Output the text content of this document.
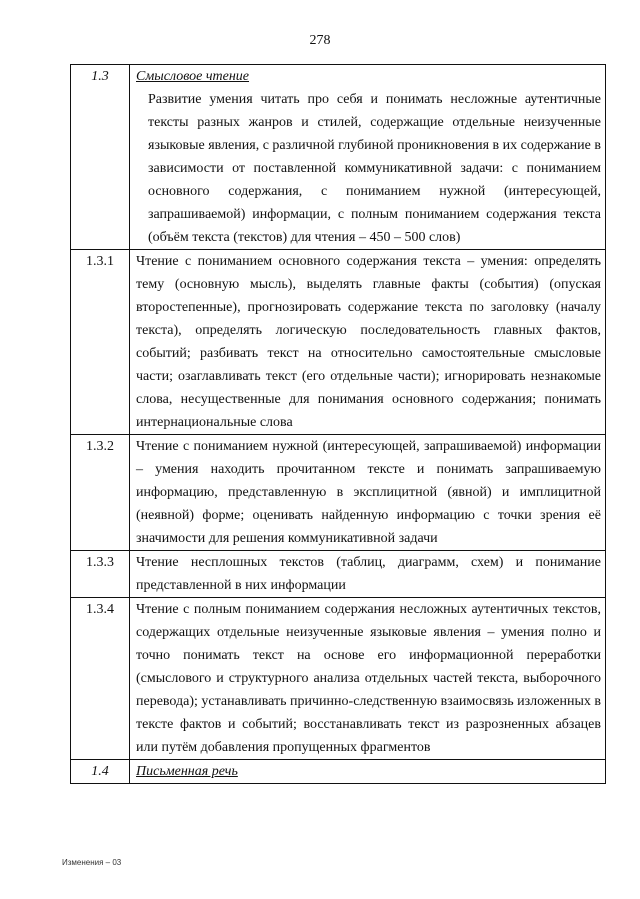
278
1.3	Смысловое чтение
Развитие умения читать про себя и понимать несложные аутентичные тексты разных жанров и стилей, содержащие отдельные неизученные языковые явления, с различной глубиной проникновения в их содержание в зависимости от поставленной коммуникативной задачи: с пониманием основного содержания, с пониманием нужной (интересующей, запрашиваемой) информации, с полным пониманием содержания текста (объём текста (текстов) для чтения – 450 – 500 слов)

1.3.1	Чтение с пониманием основного содержания текста – умения: определять тему (основную мысль), выделять главные факты (события) (опуская второстепенные), прогнозировать содержание текста по заголовку (началу текста), определять логическую последовательность главных фактов, событий; разбивать текст на относительно самостоятельные смысловые части; озаглавливать текст (его отдельные части); игнорировать незнакомые слова, несущественные для понимания основного содержания; понимать интернациональные слова

1.3.2	Чтение с пониманием нужной (интересующей, запрашиваемой) информации – умения находить прочитанном тексте и понимать запрашиваемую информацию, представленную в эксплицитной (явной) и имплицитной (неявной) форме; оценивать найденную информацию с точки зрения её значимости для решения коммуникативной задачи

1.3.3	Чтение несплошных текстов (таблиц, диаграмм, схем) и понимание представленной в них информации

1.3.4	Чтение с полным пониманием содержания несложных аутентичных текстов, содержащих отдельные неизученные языковые явления – умения полно и точно понимать текст на основе его информационной переработки (смыслового и структурного анализа отдельных частей текста, выборочного перевода); устанавливать причинно-следственную взаимосвязь изложенных в тексте фактов и событий; восстанавливать текст из разрозненных абзацев или путём добавления пропущенных фрагментов

1.4	Письменная речь
Изменения – 03
